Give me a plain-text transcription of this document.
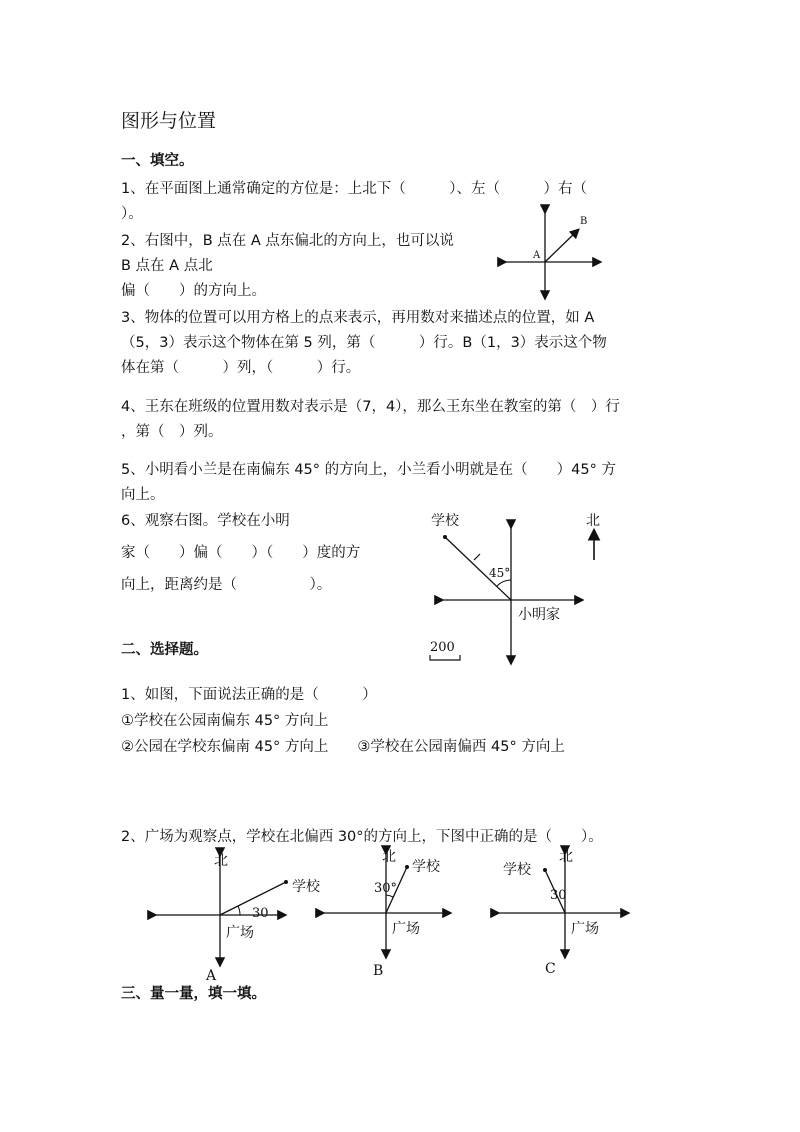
图形与位置
一、填空。
1、在平面图上通常确定的方位是：上北下（　　　）、左（　　　）右（
）。
2、右图中，B 点在 A 点东偏北的方向上，也可以说
B 点在 A 点北
偏（　　）的方向上。
A
B
3、物体的位置可以用方格上的点来表示，再用数对来描述点的位置，如 A
（5，3）表示这个物体在第 5 列，第（　　　）行。B（1，3）表示这个物
体在第（　　　）列，（　　　）行。
4、王东在班级的位置用数对表示是（7，4），那么王东坐在教室的第（　）行
，第（　）列。
5、小明看小兰是在南偏东 45° 的方向上，小兰看小明就是在（　　）45° 方
向上。
6、观察右图。学校在小明
家（　　）偏（　　）（　　）度的方
向上，距离约是（　　　　　）。
学校
小明家
45°
北
200
二、选择题。
1、如图，下面说法正确的是（　　　）
①学校在公园南偏东 45° 方向上
②公园在学校东偏南 45° 方向上　　③学校在公园南偏西 45° 方向上
2、广场为观察点，学校在北偏西 30°的方向上，下图中正确的是（　　）。
北
学校
30
广场
A
北
学校
30°
广场
B
北
学校
30
广场
C
三、量一量，填一填。
